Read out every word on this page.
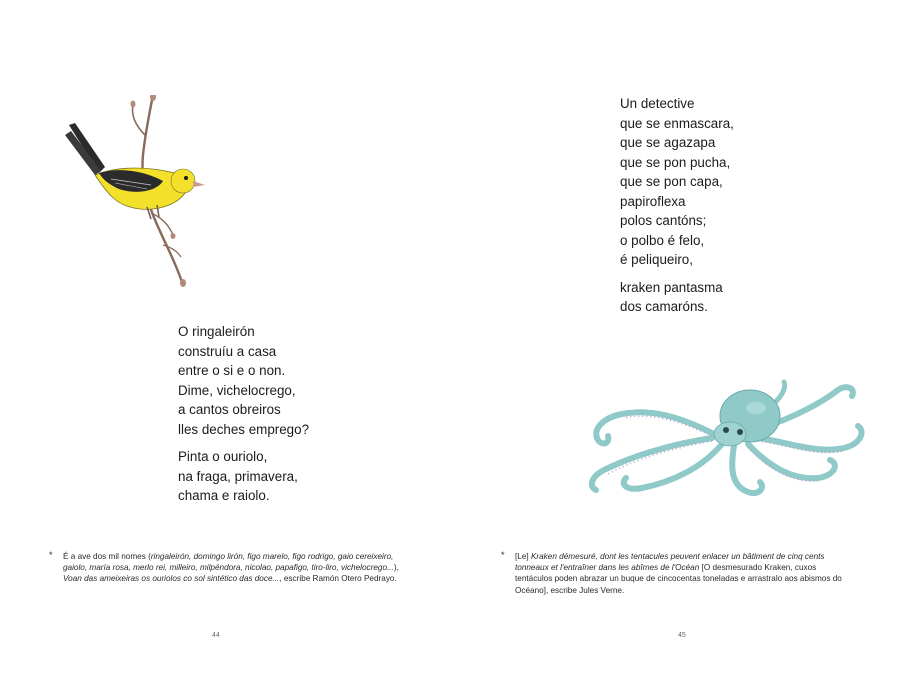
O ringaleirón
construíu a casa
entre o si e o non.
Dime, vichelocrego,
a cantos obreiros
lles deches emprego?
Pinta o ouriolo,
na fraga, primavera,
chama e raiolo.
* É a ave dos mil nomes (ringaleirón, domingo lirón, figo marelo, figo rodrigo, gaio cereixeiro, gaiolo, maría rosa, merlo rei, milleiro, milpéndora, nicolao, papafigo, tiro-liro, vichelocrego...), Voan das ameixeiras os ouriolos co sol sintético das doce..., escribe Ramón Otero Pedrayo.
44
Un detective
que se enmascara,
que se agazapa
que se pon pucha,
que se pon capa,
papiroflexa
polos cantóns;
o polbo é felo,
é peliqueiro,
kraken pantasma
dos camaróns.
* [Le] Kraken démesuré, dont les tentacules peuvent enlacer un bâtiment de cinq cents tonneaux et l'entraîner dans les abîmes de l'Océan [O desmesurado Kraken, cuxos tentáculos poden abrazar un buque de cincocentas toneladas e arrastralo aos abismos do Océano], escribe Jules Verne.
45
